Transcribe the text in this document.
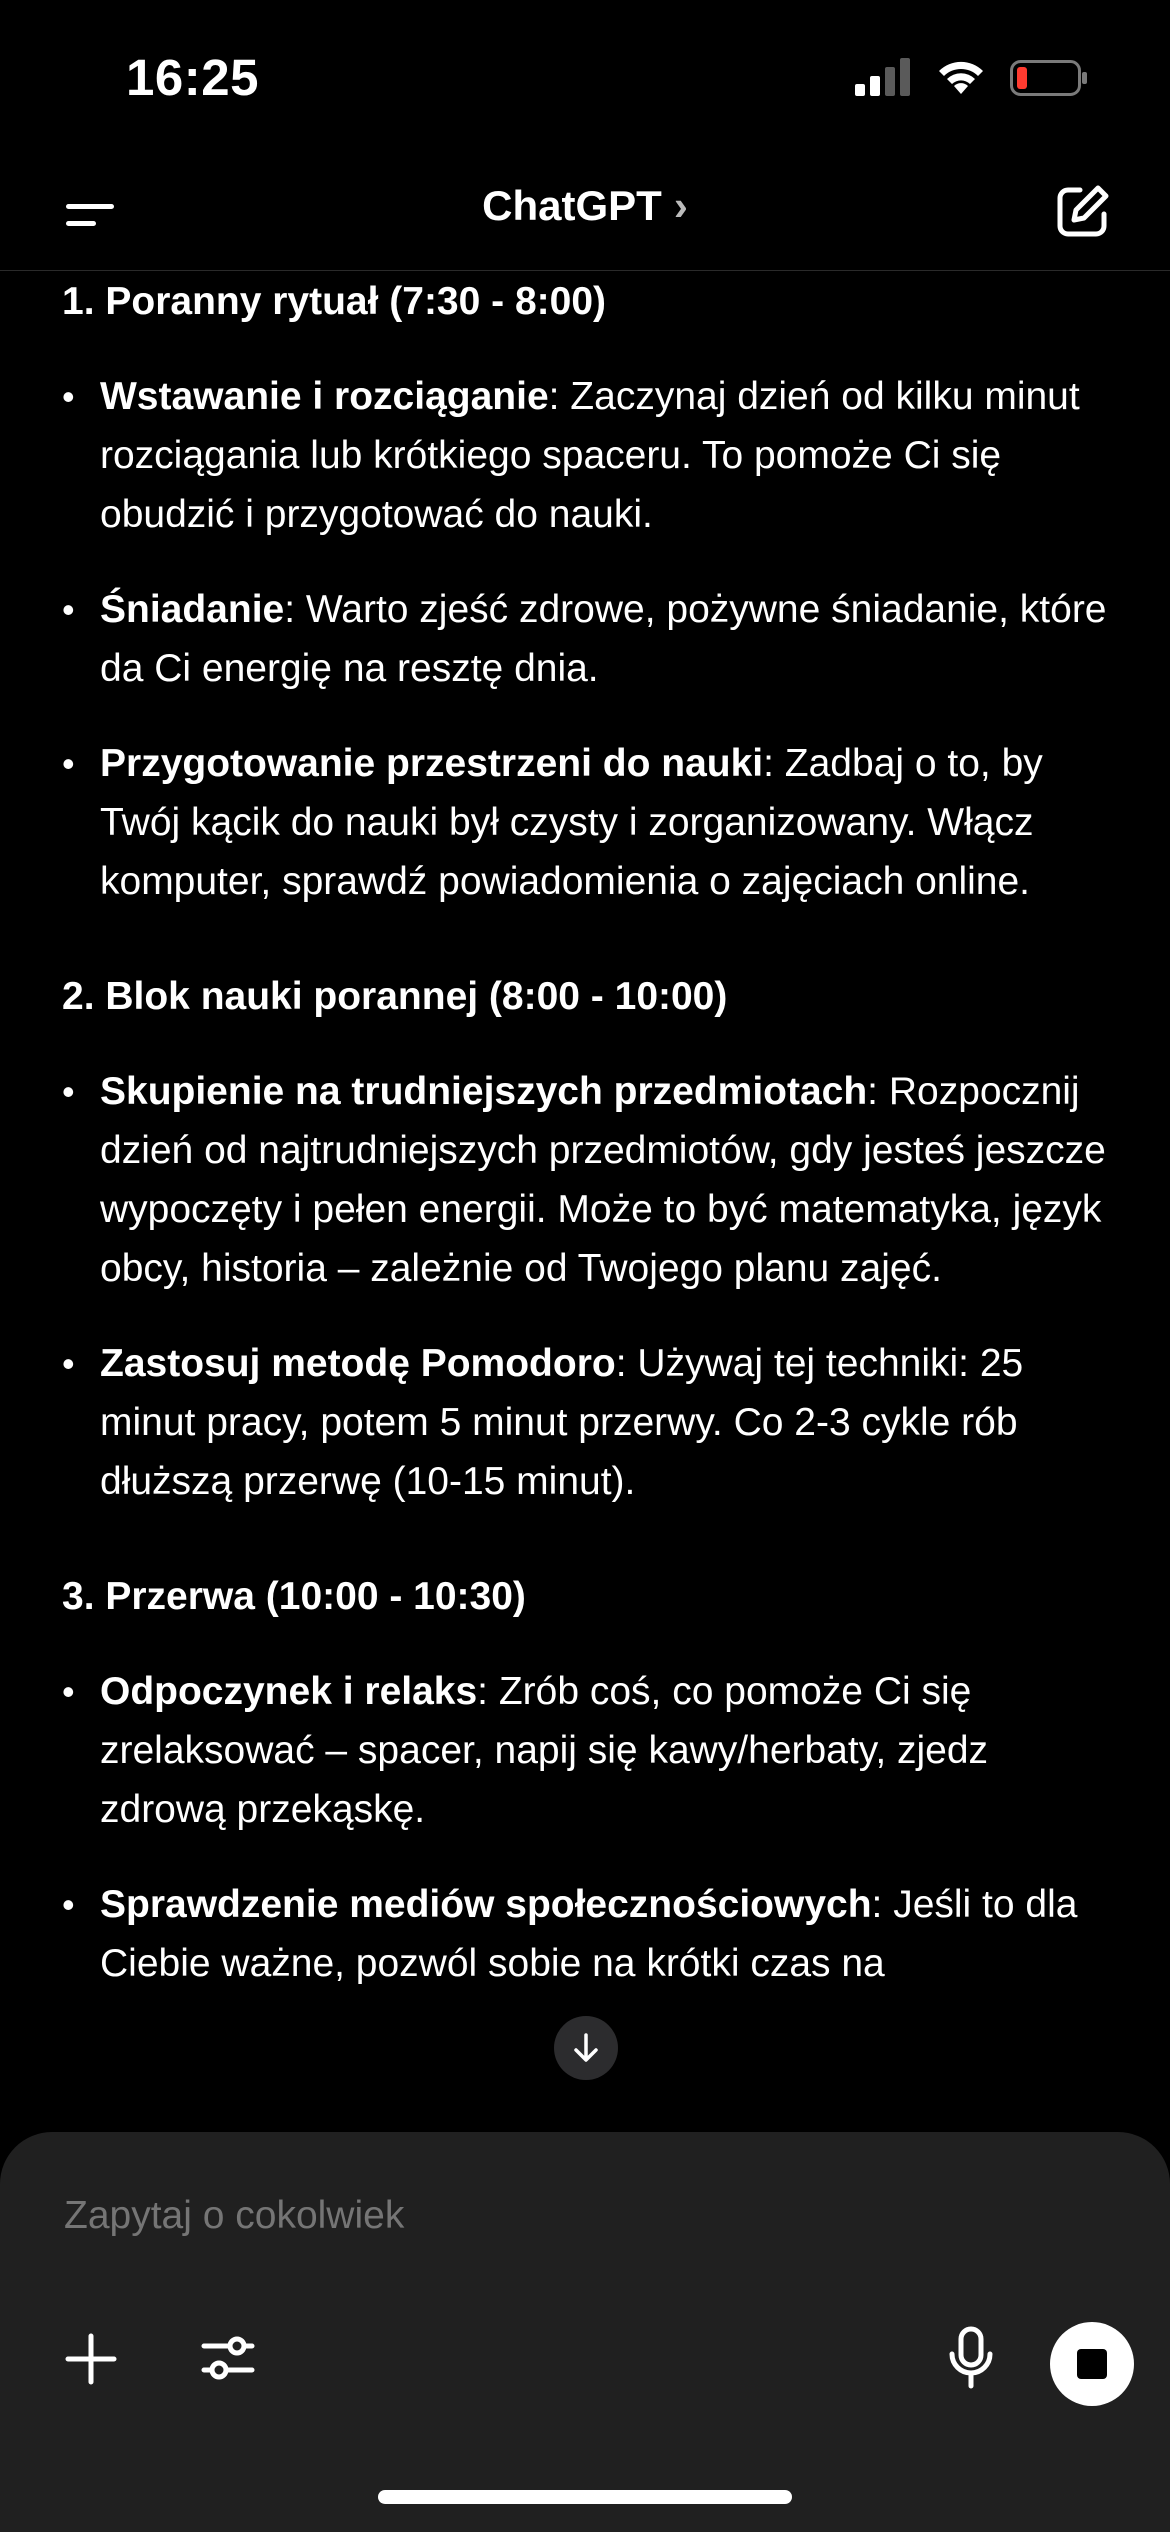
16:25
ChatGPT ›

1. Poranny rytuał (7:30 - 8:00)

• Wstawanie i rozciąganie: Zaczynaj dzień od kilku minut rozciągania lub krótkiego spaceru. To pomoże Ci się obudzić i przygotować do nauki.
• Śniadanie: Warto zjeść zdrowe, pożywne śniadanie, które da Ci energię na resztę dnia.
• Przygotowanie przestrzeni do nauki: Zadbaj o to, by Twój kącik do nauki był czysty i zorganizowany. Włącz komputer, sprawdź powiadomienia o zajęciach online.

2. Blok nauki porannej (8:00 - 10:00)

• Skupienie na trudniejszych przedmiotach: Rozpocznij dzień od najtrudniejszych przedmiotów, gdy jesteś jeszcze wypoczęty i pełen energii. Może to być matematyka, język obcy, historia – zależnie od Twojego planu zajęć.
• Zastosuj metodę Pomodoro: Używaj tej techniki: 25 minut pracy, potem 5 minut przerwy. Co 2-3 cykle rób dłuższą przerwę (10-15 minut).

3. Przerwa (10:00 - 10:30)

• Odpoczynek i relaks: Zrób coś, co pomoże Ci się zrelaksować – spacer, napij się kawy/herbaty, zjedz zdrową przekąskę.
• Sprawdzenie mediów społecznościowych: Jeśli to dla Ciebie ważne, pozwól sobie na krótki czas na
Zapytaj o cokolwiek
